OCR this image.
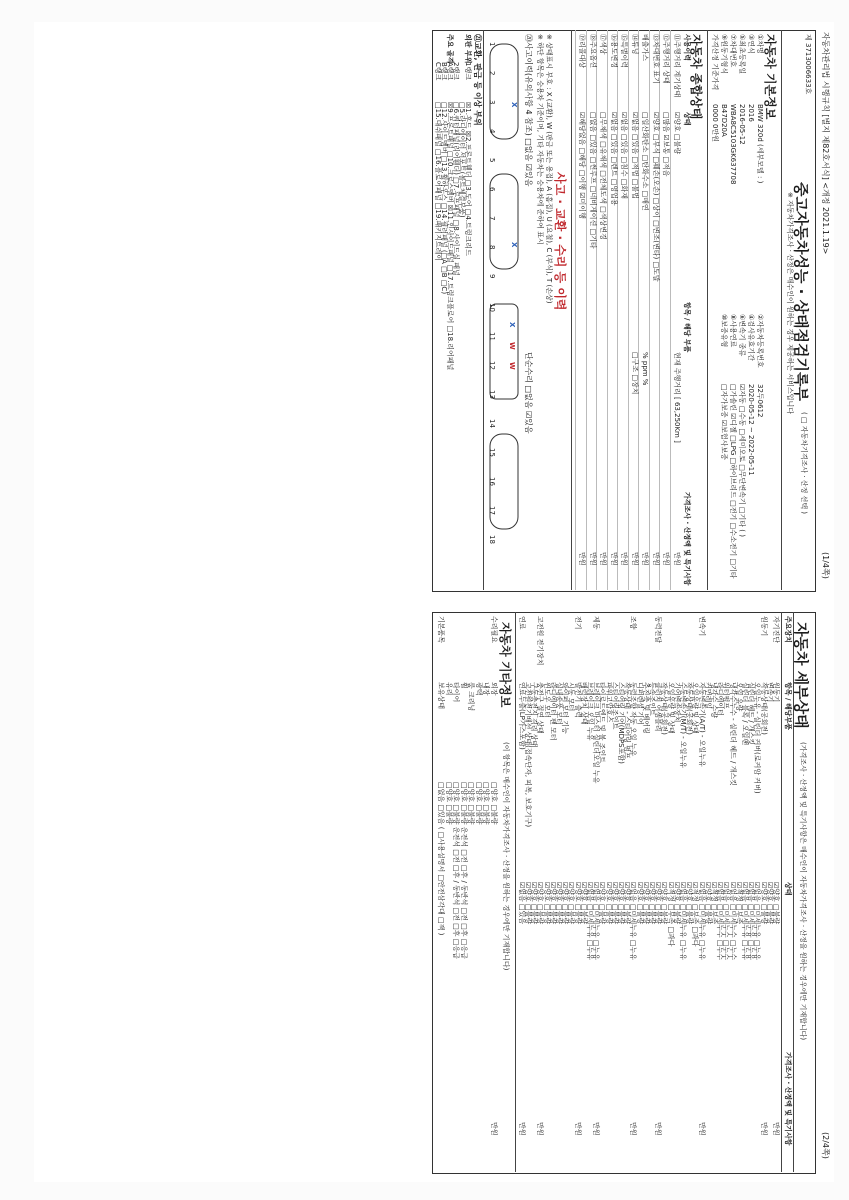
자동차관리법 시행규칙 [별지 제82호서식] <개정 2021.1.19>
(1/4쪽)
제 3713006633호
중고자동차성능 · 상태점검기록부
( □ 자동차기격조사 · 산정 선택 )
※ 자동차가격조사 · 산정은 매수인이 원하는 경우 제공하는 서비스입니다
자동차 기본정보
자동차 종합상태
사고 · 교환 · 수리 등 이력
※ 상태표시 부호 : X (교환), W (판금 또는 용접), A (흠집), U (요철), C (부식), T (손상)
※ 하단 항목은 승용차 기준이며, 기타 자동차는 승용차에 준하여 표시
⑳사고이력(유의사항 4 참조) □없음 ☑있음
단순수리 □없음 ☑있음
X
X
X
W
W
㉑교환, 판금 등 이상 부위
(2/4쪽)
자동차 세부상태
(가격조사 · 산정액 및 특기사항은 매수인이 자동차가격조사 · 산정을 원하는 경우에만 기재합니다)
주요장치
항목 / 해당부품
상태
가격조사 · 산정액 및 특기사항
자동차 기타정보
(이 항목은 매수인이 자동차가격조사 · 산정을 원하는 경우에만 기재합니다)
①차명
BMW 320d (세부모델 : )
②자동차등록번호
32두0612
③연식
2016
④검사유효기간
2020-05-12 ~ 2022-05-11
⑤최초등록일
2016-05-12
⑥변속기 종류
☑자동 □수동 □세미오토 □무단변속기 □기타 ( )
⑦차대번호
WBA8C5103GK637708
⑧사용연료
□가솔린 ☑디젤 □LPG □하이브리드 □전기 □수소전기 □기타
⑨원동기형식
B47D20A
⑩보증유형
□자가보증 ☑보험사보증
가격산정 기준가격
0000 0만원
사용이력
상태
항목 / 해당 부품
가격조사 · 산정액 및 특기사항
⑪주행거리 계기상태
☑양호 □불량
현재 주행거리 [ 63,250Km ]
만원
⑫주행거리 상태
□많음 ☑보통 □적음
만원
⑬차대번호 표기
☑양호 □부식 □훼손(오손) □상이 □변조(변타) □도말
만원
배출가스
□일산화탄소 □탄화수소 □매연
% ppm %
만원
⑭튜닝
☑없음 □있음 □적법 □불법
□구조 □장치
만원
⑮특별이력
☑없음 □있음 □침수 □화재
만원
⑯용도변경
☑없음 □있음 □렌트 □영업용
만원
⑰색상
□무채색 □유채색 □전체도색 □색상변경
만원
⑱주요옵션
□없음 □있음 □썬루프 □네비게이션 □기타
만원
⑲리콜대상
☑해당없음 □해당 □이행 ☑미이행
만원
1
2
3
4
5
6
7
8
9
10
11
12
13
14
15
16
17
18
1랭크
☒1.후드 ☒2.프론트휀더 □3.도어 □4.트렁크리드
□5.라디에이터 서포트(볼트체결부품)
2랭크
□6.쿼터패널(리어휀더) □7.루프패널 □8.사이드실 패널
A랭크
☒9.프론트패널 □10.크로스멤버 ☒11.인사이드패널 □17.트렁크플로어 □18.리어패널
B랭크
□12.사이드멤버 □13.휠하우스 □14.필러패널 (□A □B □C)
C랭크
□15.대쉬패널 □16.플로어패널 □19.패키지트레이
외판 부위
주요 골격
자기진단
원동기
☑양호 □불량
만원
변속기
☑양호 □불량
원동기
작동상태(공회전)
☑양호 □불량
만원
오일누유 - 실린더 커버(로커암 커버)
☑없음 □미세누유 □누유
실린더 헤드 / 개스킷
☑없음 □미세누유 □누유
실린더 블록 / 오일팬
☑없음 □미세누유 □누유
오일 유량
☑적정 □부족
냉각수누수 - 실린더 헤드 / 개스킷
☑없음 □미세누수 □누수
워터펌프
☑없음 □미세누수 □누수
라디에이터
☑없음 □미세누수 □누수
냉각수 수량
☑적정 □부족
커먼레일
☑양호 □불량
변속기
자동변속기(A/T) - 오일누유
☑없음 □미세누유 □누유
만원
오일유량 및 상태
☑적정 □부족 □과다
작동상태(공회전)
☑양호 □불량
수동변속기(M/T) - 오일누유
☑없음 □미세누유 □누유
기어변속장치
☑양호 □불량
오일유량 및 상태
☑적정 □부족 □과다
작동상태(공회전)
☑양호 □불량
동력전달
클러치 어셈블리
☑양호 □불량
만원
등속조인트
☑양호 □불량
추진축 및 베어링
☑양호 □불량
디퍼렌셜 기어
☑양호 □불량
조향
동력조향 작동 오일 누유
☑없음 □미세누유 □누유
만원
작동상태 - 스티어링 펌프
☑양호 □불량
스티어링 기어(MDPS포함)
☑양호 □불량
스티어링조인트
☑양호 □불량
파워고압호스
☑양호 □불량
타이로드엔드 및 볼 조인트
☑양호 □불량
제동
브레이크 마스터 실린더오일 누유
☑없음 □미세누유 □누유
만원
브레이크 오일 누유
☑없음 □미세누유 □누유
배력장치 상태
☑양호 □불량
전기
발전기 출력
☑양호 □불량
만원
시동 모터
☑양호 □불량
와이퍼 모터 기능
☑양호 □불량
실내송풍 모터
☑양호 □불량
라디에이터 팬 모터
☑양호 □불량
윈도우 모터
☑양호 □불량
고전원 전기장치
충전구 절연 상태
☑양호 □불량
만원
구동축전지 격리 상태
☑양호 □불량
고전원전기배선 상태(접속단자, 피복, 보호기구)
☑양호 □불량
연료
연료누출(LP가스포함)
☑없음 □있음
만원
수리필요
외장
□양호 □불량
만원
내장
□양호 □불량
광택
□양호 □불량
룸 크리닝
□양호 □불량
휠
□양호 □불량 운전석 □전 □후 / 동반석 □전 □후 □응급
타이어
□양호 □불량 운전석 □전 □후 / 동반석 □전 □후 □응급
유리
□양호 □불량
기본품목
보유상태
□없음 □있음 ( □사용설명서 □안전삼각대 □잭 )
